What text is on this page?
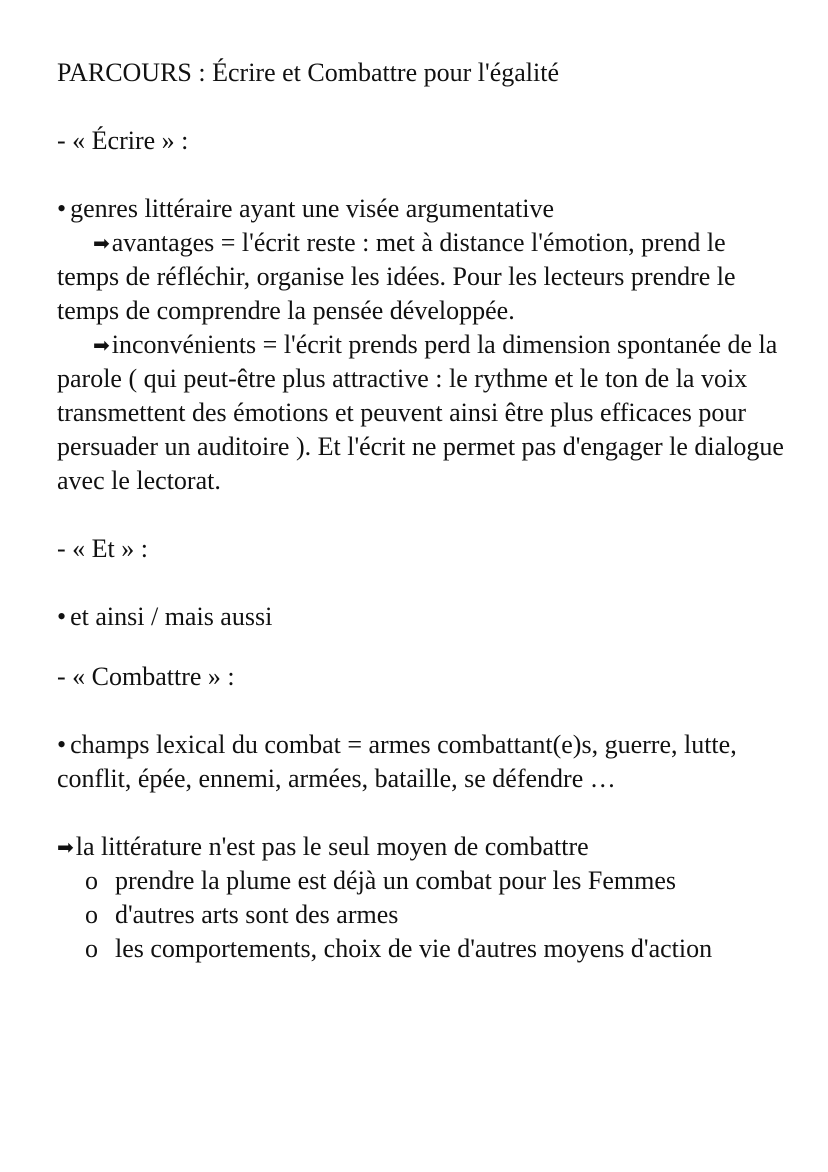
PARCOURS : Écrire et Combattre pour l'égalité

- « Écrire » :

• genres littéraire ayant une visée argumentative

➡avantages = l'écrit reste : met à distance l'émotion, prend le temps de réfléchir, organise les idées. Pour les lecteurs prendre le temps de comprendre la pensée développée.

➡inconvénients = l'écrit prends perd la dimension spontanée de la parole ( qui peut-être plus attractive : le rythme et le ton de la voix transmettent des émotions et peuvent ainsi être plus efficaces pour persuader un auditoire ). Et l'écrit ne permet pas d'engager le dialogue avec le lectorat.

- « Et » :

• et ainsi / mais aussi

- « Combattre » :

• champs lexical du combat = armes combattant(e)s, guerre, lutte, conflit, épée, ennemi, armées, bataille, se défendre …

➡la littérature n'est pas le seul moyen de combattre

o prendre la plume est déjà un combat pour les Femmes
o d'autres arts sont des armes
o les comportements, choix de vie d'autres moyens d'action
